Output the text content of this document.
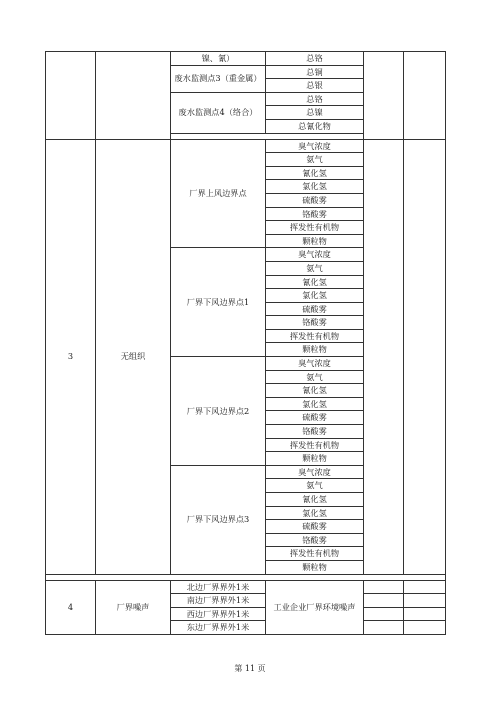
		镍、氰）	总铬		
		废水监测点3（重金属）	总铜		
			总银		
		废水监测点4（络合）	总铬		
			总镍		
			总氰化物		

3	无组织	厂界上风边界点	臭气浓度		
			氨气		
			氰化氢		
			氯化氢		
			硫酸雾		
			铬酸雾		
			挥发性有机物		
			颗粒物		
		厂界下风边界点1	臭气浓度		
			氨气		
			氰化氢		
			氯化氢		
			硫酸雾		
			铬酸雾		
			挥发性有机物		
			颗粒物		
		厂界下风边界点2	臭气浓度		
			氨气		
			氰化氢		
			氯化氢		
			硫酸雾		
			铬酸雾		
			挥发性有机物		
			颗粒物		
		厂界下风边界点3	臭气浓度		
			氨气		
			氰化氢		
			氯化氢		
			硫酸雾		
			铬酸雾		
			挥发性有机物		
			颗粒物		

4	厂界噪声	北边厂界界外1米	工业企业厂界环境噪声		
		南边厂界界外1米			
		西边厂界界外1米			
		东边厂界界外1米			
第 11 页
